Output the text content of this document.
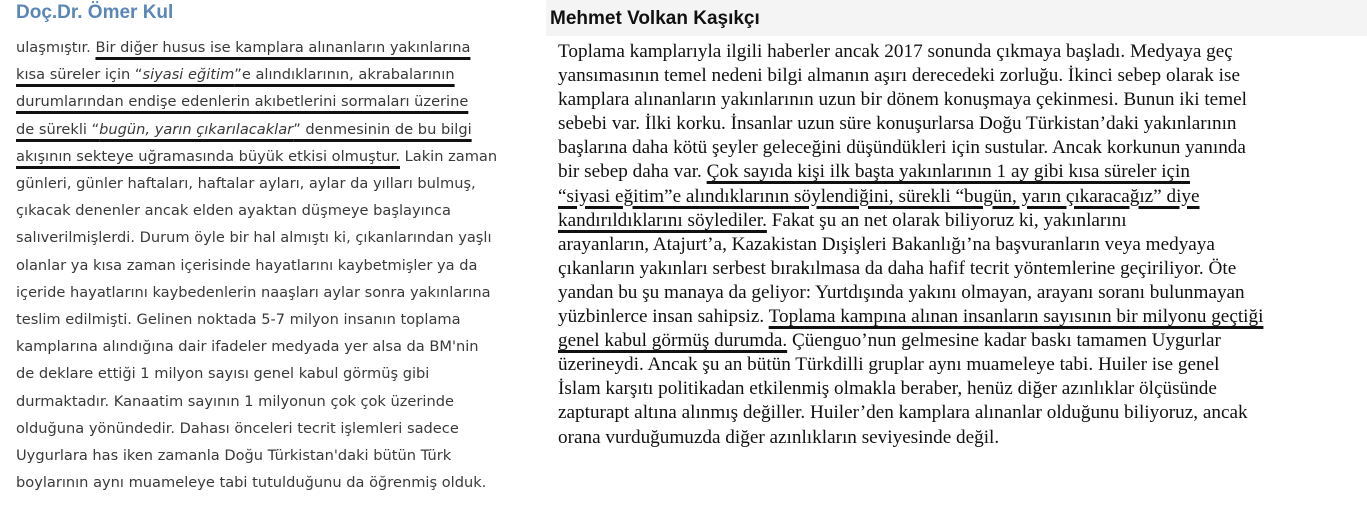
Doç.Dr. Ömer Kul
ulaşmıştır. Bir diğer husus ise kamplara alınanların yakınlarına
kısa süreler için “siyasi eğitim”e alındıklarının, akrabalarının
durumlarından endişe edenlerin akıbetlerini sormaları üzerine
de sürekli “bugün, yarın çıkarılacaklar” denmesinin de bu bilgi
akışının sekteye uğramasında büyük etkisi olmuştur. Lakin zaman
günleri, günler haftaları, haftalar ayları, aylar da yılları bulmuş,
çıkacak denenler ancak elden ayaktan düşmeye başlayınca
salıverilmişlerdi. Durum öyle bir hal almıştı ki, çıkanlarından yaşlı
olanlar ya kısa zaman içerisinde hayatlarını kaybetmişler ya da
içeride hayatlarını kaybedenlerin naaşları aylar sonra yakınlarına
teslim edilmişti. Gelinen noktada 5-7 milyon insanın toplama
kamplarına alındığına dair ifadeler medyada yer alsa da BM'nin
de deklare ettiği 1 milyon sayısı genel kabul görmüş gibi
durmaktadır. Kanaatim sayının 1 milyonun çok çok üzerinde
olduğuna yönündedir. Dahası önceleri tecrit işlemleri sadece
Uygurlara has iken zamanla Doğu Türkistan'daki bütün Türk
boylarının aynı muameleye tabi tutulduğunu da öğrenmiş olduk.
Mehmet Volkan Kaşıkçı
Toplama kamplarıyla ilgili haberler ancak 2017 sonunda çıkmaya başladı. Medyaya geç
yansımasının temel nedeni bilgi almanın aşırı derecedeki zorluğu. İkinci sebep olarak ise
kamplara alınanların yakınlarının uzun bir dönem konuşmaya çekinmesi. Bunun iki temel
sebebi var. İlki korku. İnsanlar uzun süre konuşurlarsa Doğu Türkistan’daki yakınlarının
başlarına daha kötü şeyler geleceğini düşündükleri için sustular. Ancak korkunun yanında
bir sebep daha var. Çok sayıda kişi ilk başta yakınlarının 1 ay gibi kısa süreler için
“siyasi eğitim”e alındıklarının söylendiğini, sürekli “bugün, yarın çıkaracağız” diye
kandırıldıklarını söylediler. Fakat şu an net olarak biliyoruz ki, yakınlarını
arayanların, Atajurt’a, Kazakistan Dışişleri Bakanlığı’na başvuranların veya medyaya
çıkanların yakınları serbest bırakılmasa da daha hafif tecrit yöntemlerine geçiriliyor. Öte
yandan bu şu manaya da geliyor: Yurtdışında yakını olmayan, arayanı soranı bulunmayan
yüzbinlerce insan sahipsiz. Toplama kampına alınan insanların sayısının bir milyonu geçtiği
genel kabul görmüş durumda. Çüenguo’nun gelmesine kadar baskı tamamen Uygurlar
üzerineydi. Ancak şu an bütün Türkdilli gruplar aynı muameleye tabi. Huiler ise genel
İslam karşıtı politikadan etkilenmiş olmakla beraber, henüz diğer azınlıklar ölçüsünde
zapturapt altına alınmış değiller. Huiler’den kamplara alınanlar olduğunu biliyoruz, ancak
orana vurduğumuzda diğer azınlıkların seviyesinde değil.
